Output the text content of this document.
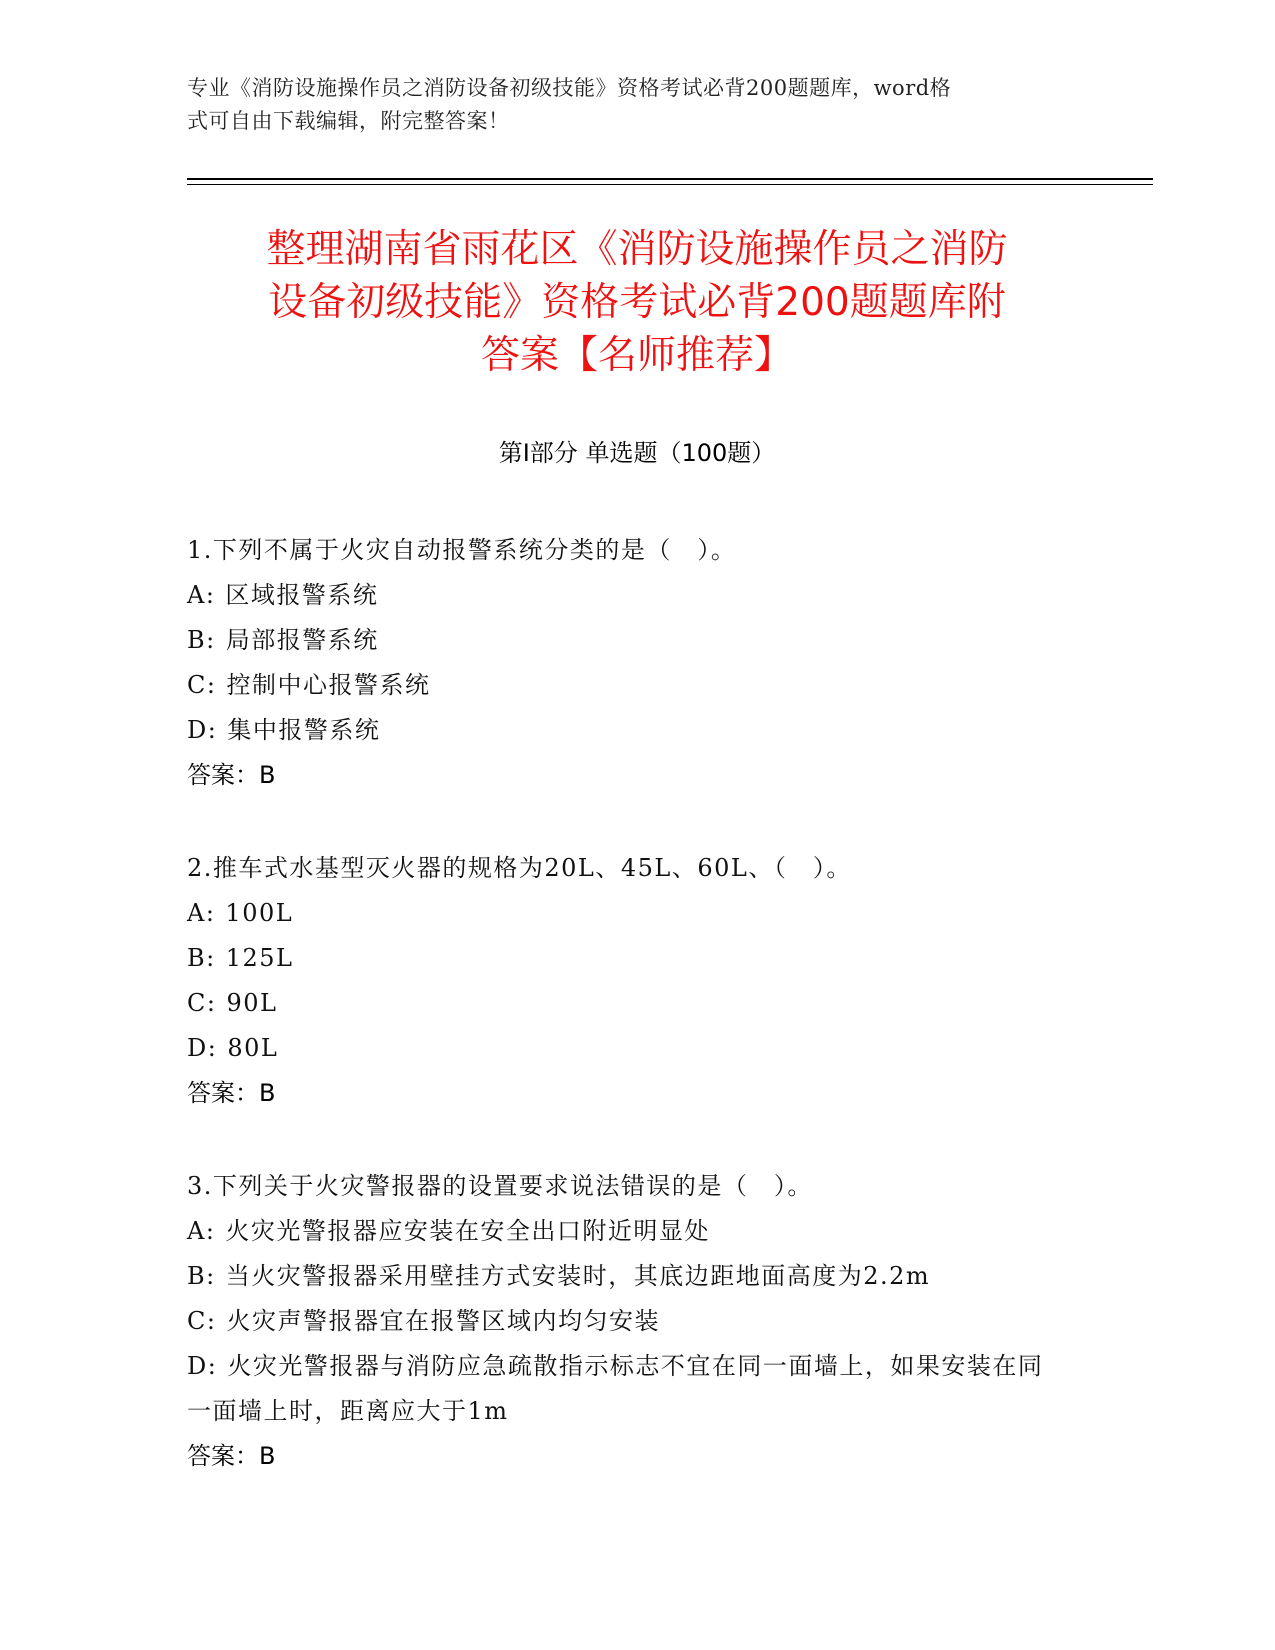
专业《消防设施操作员之消防设备初级技能》资格考试必背200题题库，word格
式可自由下载编辑，附完整答案！
整理湖南省雨花区《消防设施操作员之消防
设备初级技能》资格考试必背200题题库附
答案【名师推荐】
第Ⅰ部分 单选题（100题）

1.下列不属于火灾自动报警系统分类的是（　）。

A: 区域报警系统

B: 局部报警系统

C: 控制中心报警系统

D: 集中报警系统

答案：B

2.推车式水基型灭火器的规格为20L、45L、60L、（　）。

A: 100L

B: 125L

C: 90L

D: 80L

答案：B

3.下列关于火灾警报器的设置要求说法错误的是（　）。

A: 火灾光警报器应安装在安全出口附近明显处

B: 当火灾警报器采用壁挂方式安装时，其底边距地面高度为2.2m

C: 火灾声警报器宜在报警区域内均匀安装

D: 火灾光警报器与消防应急疏散指示标志不宜在同一面墙上，如果安装在同一面墙上时，距离应大于1m

答案：B
